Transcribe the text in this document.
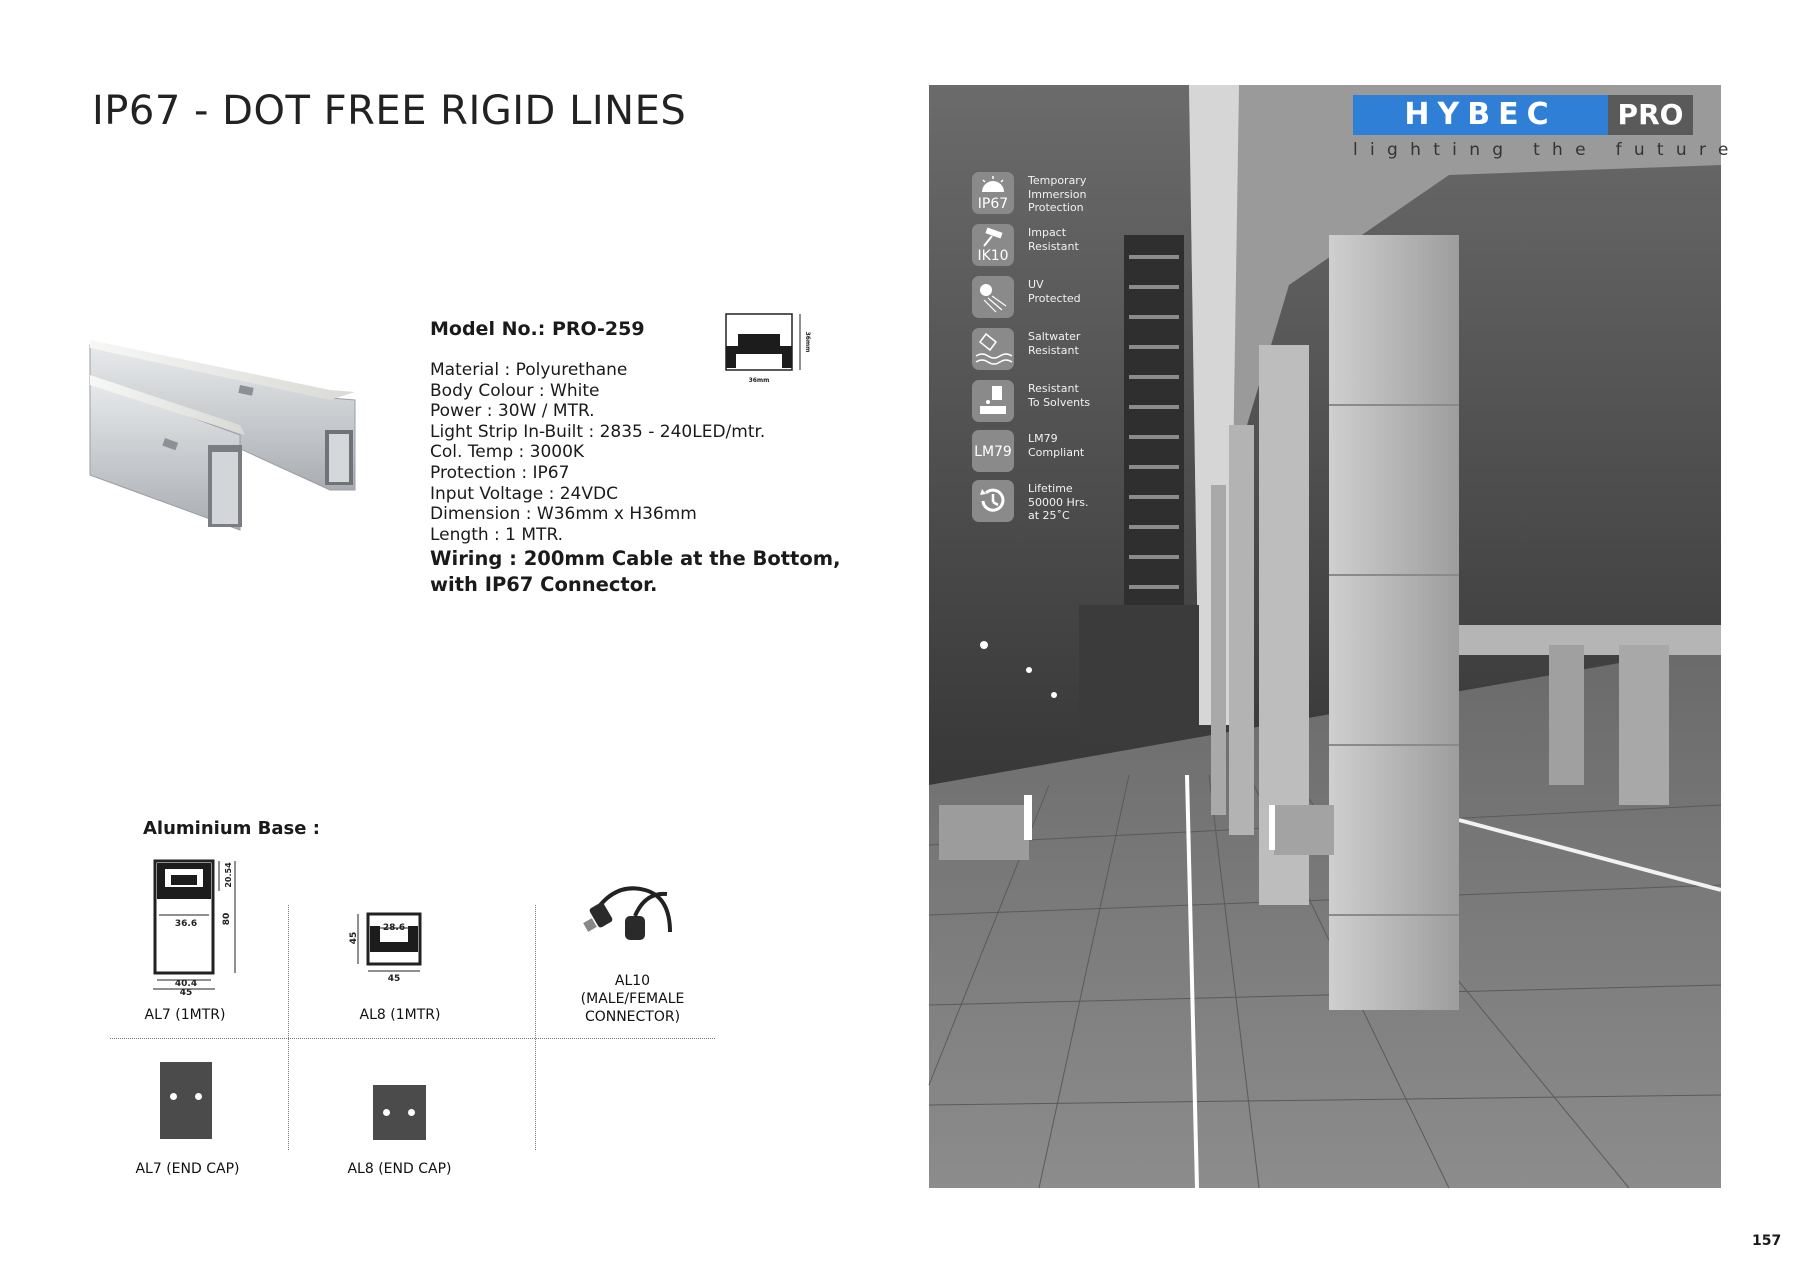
IP67 - DOT FREE RIGID LINES
Model No.: PRO-259
36mm
36mm
Material : Polyurethane
Body Colour : White
Power : 30W / MTR.
Light Strip In-Built : 2835 - 240LED/mtr.
Col. Temp : 3000K
Protection : IP67
Input Voltage : 24VDC
Dimension : W36mm x H36mm
Length : 1 MTR.
Wiring : 200mm Cable at the Bottom,
with IP67 Connector.
Aluminium Base :
36.6
20.54
80
40.4
45
AL7 (1MTR)
28.6
45
45
AL8 (1MTR)
AL10
(MALE/FEMALE
CONNECTOR)
AL7 (END CAP)	AL8 (END CAP)
HYBEC	PRO
lighting the future
IP67
Temporary
Immersion
Protection
IK10
Impact
Resistant
UV
Protected
Saltwater
Resistant
Resistant
To Solvents
LM79
LM79
Compliant
Lifetime
50000 Hrs.
at 25˚C
157
